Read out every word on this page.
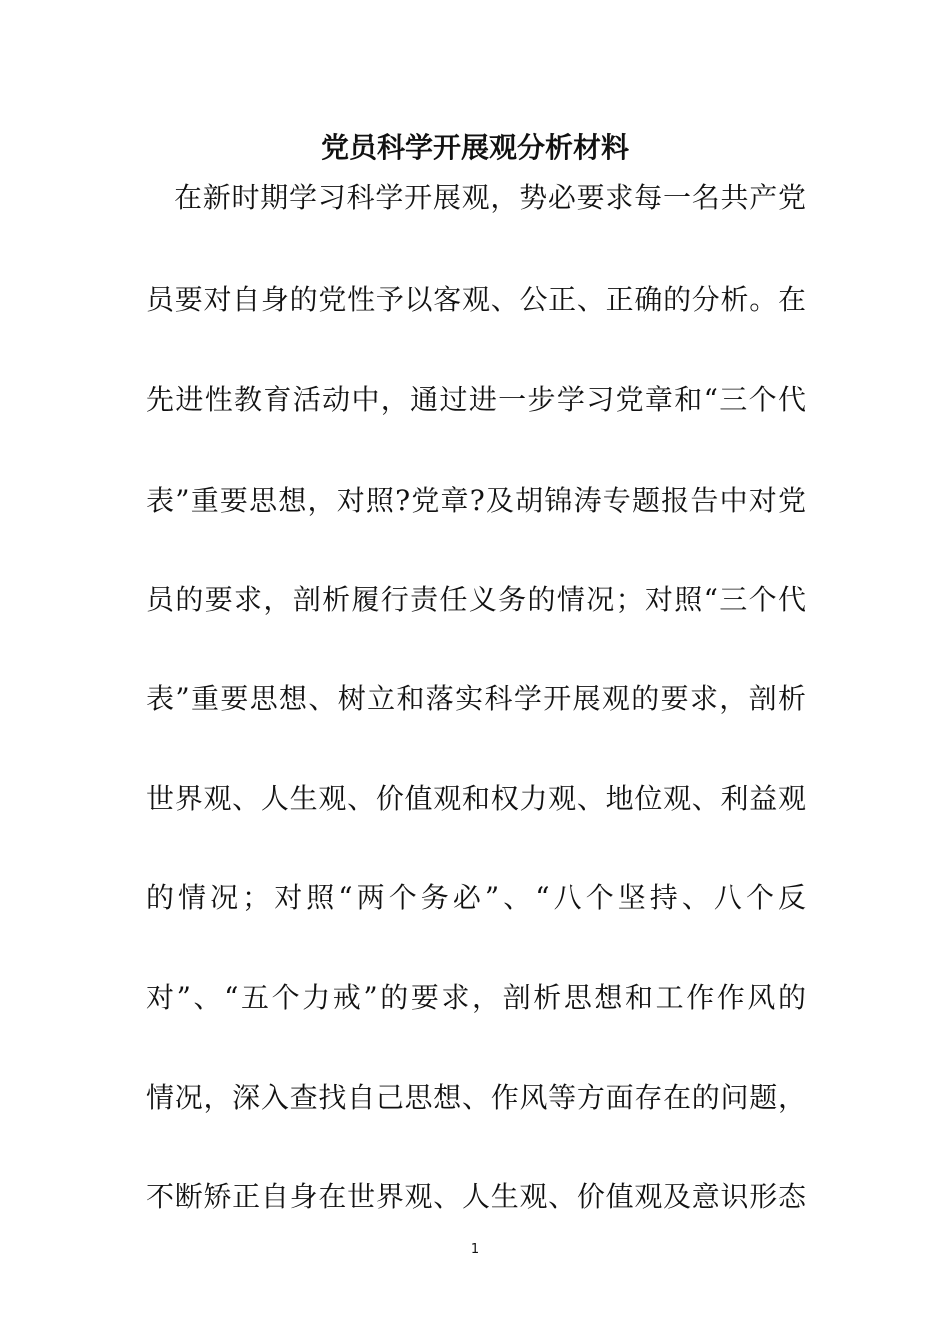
党员科学开展观分析材料
在新时期学习科学开展观，势必要求每一名共产党
员要对自身的党性予以客观、公正、正确的分析。在
先进性教育活动中，通过进一步学习党章和“三个代
表”重要思想，对照?党章?及胡锦涛专题报告中对党
员的要求，剖析履行责任义务的情况；对照“三个代
表”重要思想、树立和落实科学开展观的要求，剖析
世界观、人生观、价值观和权力观、地位观、利益观
的情况；对照“两个务必”、“八个坚持、八个反
对”、“五个力戒”的要求，剖析思想和工作作风的
情况，深入查找自己思想、作风等方面存在的问题，
不断矫正自身在世界观、人生观、价值观及意识形态
1
